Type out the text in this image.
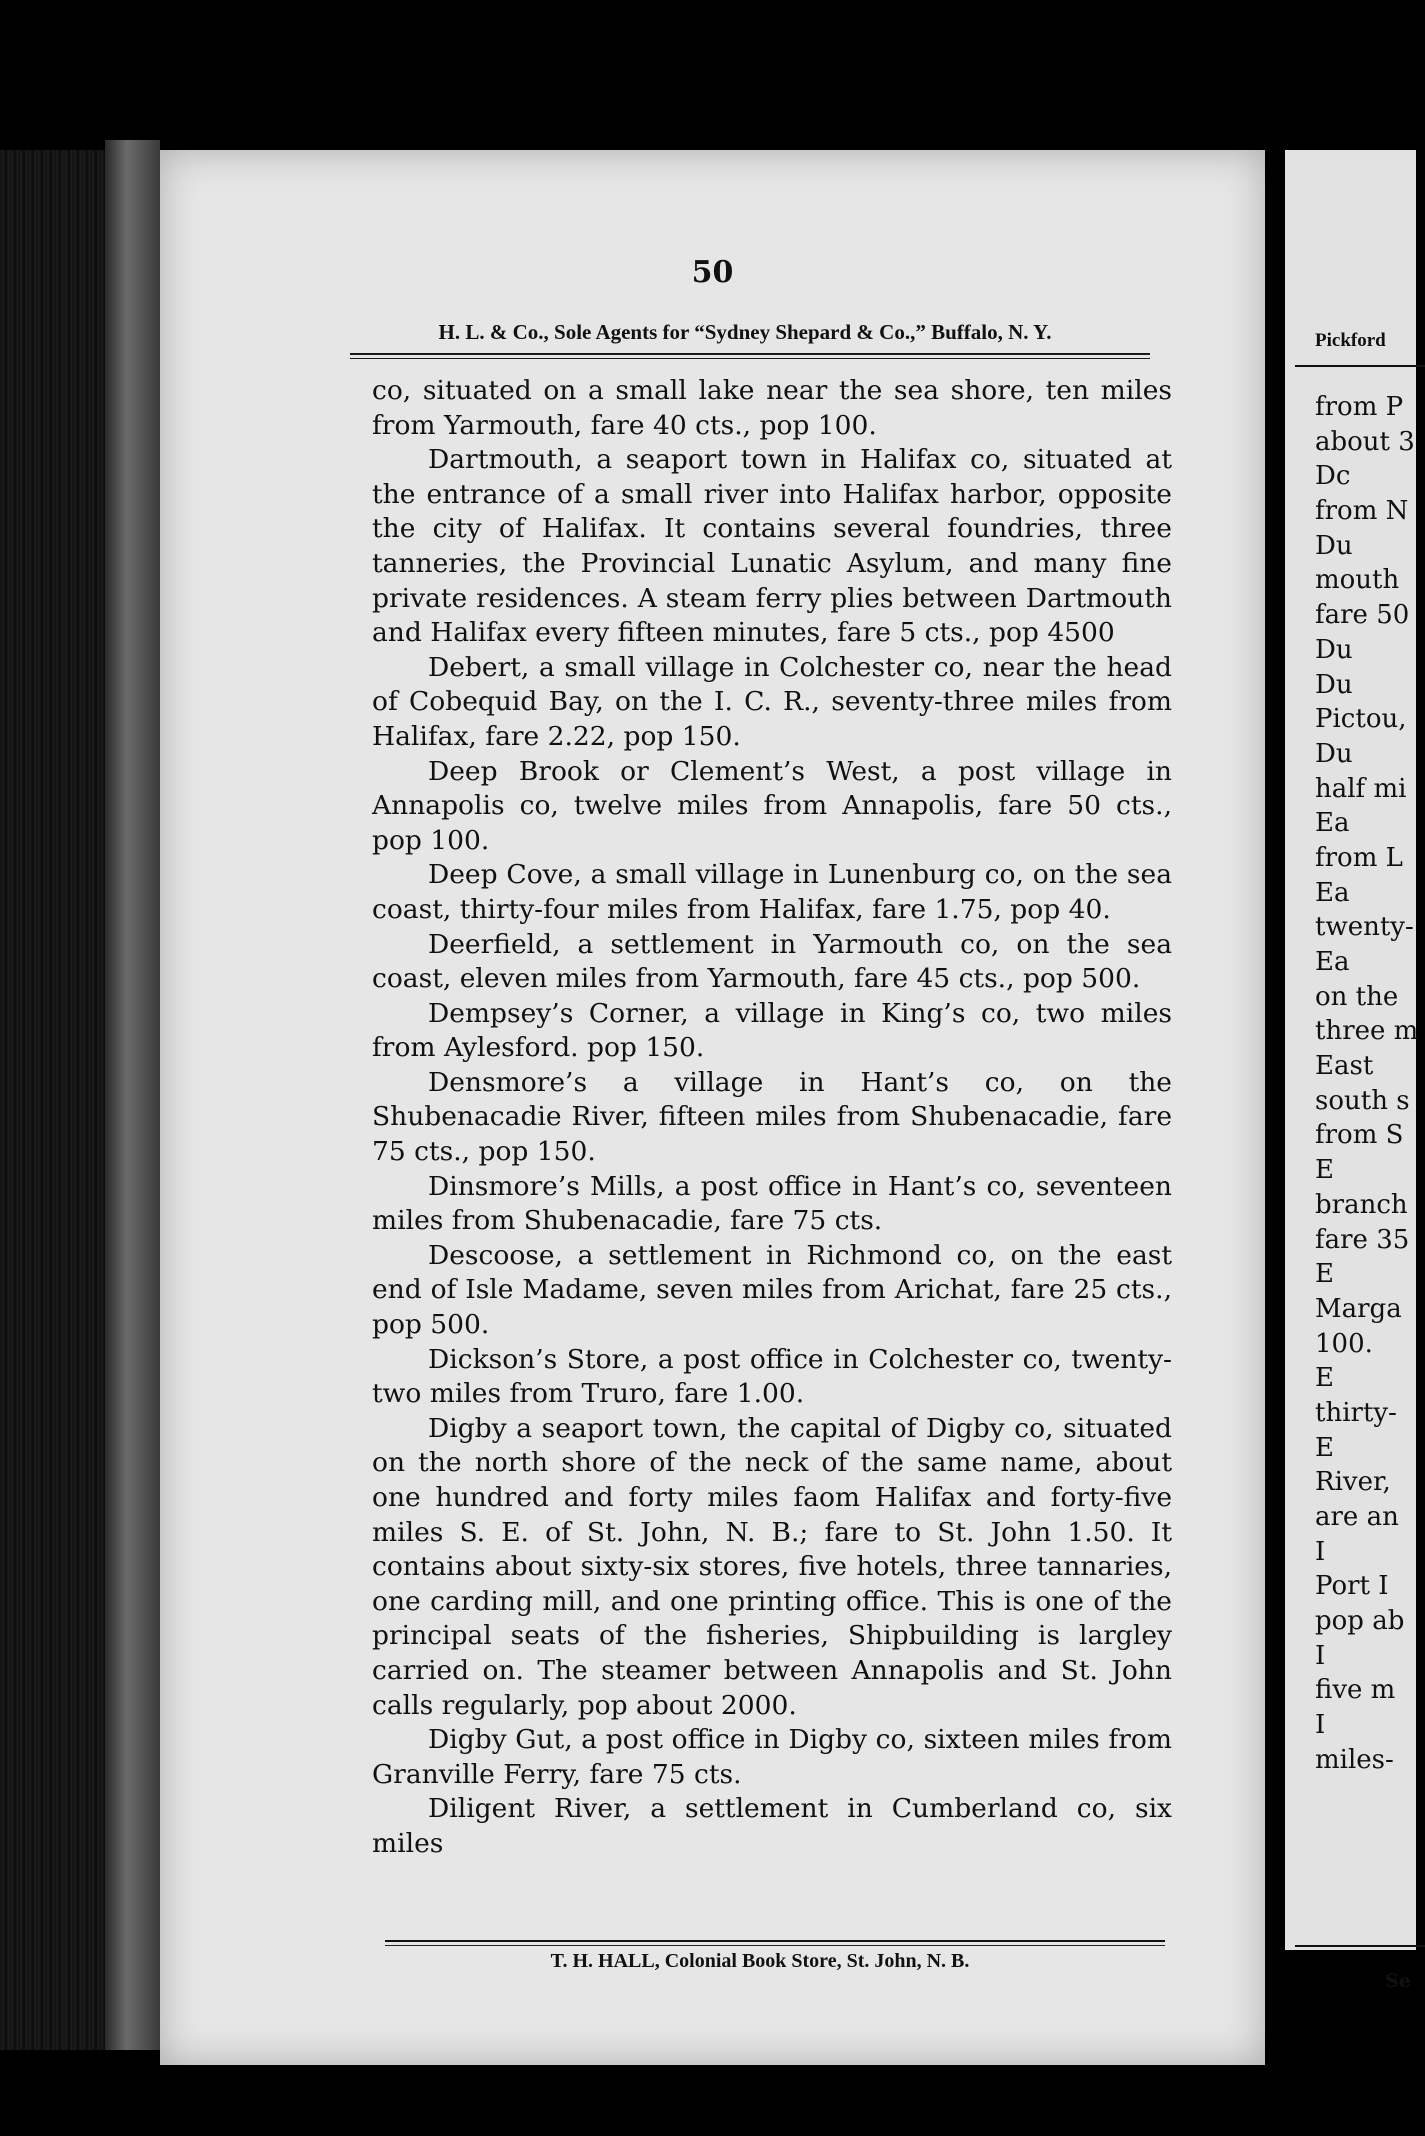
50
H. L. & Co., Sole Agents for “Sydney Shepard & Co.,” Buffalo, N. Y.

co, situated on a small lake near the sea shore, ten miles from Yarmouth, fare 40 cts., pop 100.

Dartmouth, a seaport town in Halifax co, situated at the entrance of a small river into Halifax harbor, opposite the city of Halifax. It contains several foundries, three tanneries, the Provincial Lunatic Asylum, and many fine private residences. A steam ferry plies between Dartmouth and Halifax every fifteen minutes, fare 5 cts., pop 4500

Debert, a small village in Colchester co, near the head of Cobequid Bay, on the I. C. R., seventy-three miles from Halifax, fare 2.22, pop 150.

Deep Brook or Clement’s West, a post village in Annapolis co, twelve miles from Annapolis, fare 50 cts., pop 100.

Deep Cove, a small village in Lunenburg co, on the sea coast, thirty-four miles from Halifax, fare 1.75, pop 40.

Deerfield, a settlement in Yarmouth co, on the sea coast, eleven miles from Yarmouth, fare 45 cts., pop 500.

Dempsey’s Corner, a village in King’s co, two miles from Aylesford. pop 150.

Densmore’s a village in Hant’s co, on the Shubenacadie River, fifteen miles from Shubenacadie, fare 75 cts., pop 150.

Dinsmore’s Mills, a post office in Hant’s co, seventeen miles from Shubenacadie, fare 75 cts.

Descoose, a settlement in Richmond co, on the east end of Isle Madame, seven miles from Arichat, fare 25 cts., pop 500.

Dickson’s Store, a post office in Colchester co, twenty-two miles from Truro, fare 1.00.

Digby a seaport town, the capital of Digby co, situated on the north shore of the neck of the same name, about one hundred and forty miles faom Halifax and forty-five miles S. E. of St. John, N. B.; fare to St. John 1.50. It contains about sixty-six stores, five hotels, three tannaries, one carding mill, and one printing office. This is one of the principal seats of the fisheries, Shipbuilding is largley carried on. The steamer between Annapolis and St. John calls regularly, pop about 2000.

Digby Gut, a post office in Digby co, sixteen miles from Granville Ferry, fare 75 cts.

Diligent River, a settlement in Cumberland co, six miles

T. H. HALL, Colonial Book Store, St. John, N. B.
Pickford
from P
about 3
Dc
from N
Du
mouth
fare 50
Du
Du
Pictou,
Du
half mi
Ea
from L
Ea
twenty-
Ea
on the
three m
East
south s
from S
E
branch
fare 35
E
Marga
100.
E
thirty-
E
River,
are an
I
Port I
pop ab
I
five m
I
miles-
Se
